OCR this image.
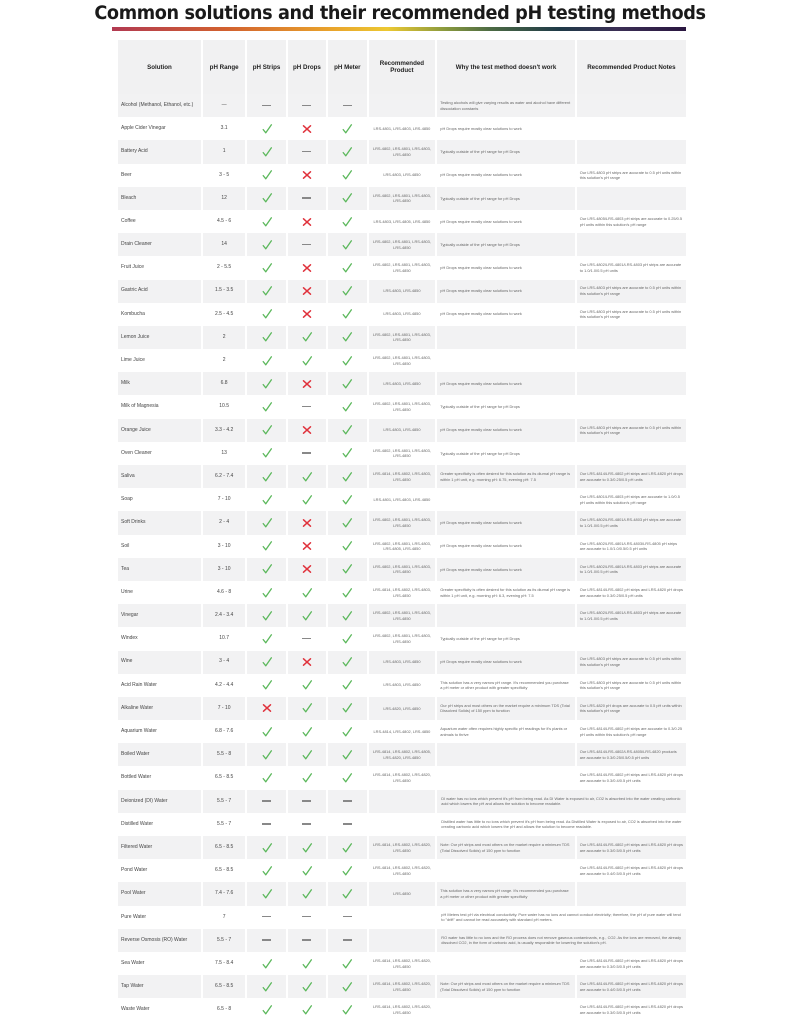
Common solutions and their recommended pH testing methods
Solution	pH Range	pH Strips	pH Drops	pH Meter	Recommended Product	Why the test method doesn't work	Recommended Product Notes
Alcohol (Methanol, Ethanol, etc.)	—					Testing alcohols will give varying results as water and alcohol have different dissociation constants	
Apple Cider Vinegar	3.1				LRS-4801, LRS-4803, LRS-4850	pH Drops require mostly clear solutions to work	
Battery Acid	1				LRS-4802, LRS-4801, LRS-4803, LRS-4850	Typically outside of the pH range for pH Drops	
Beer	3 - 5				LRS-4803, LRS-4850	pH Drops require mostly clear solutions to work	Our LRS-4803 pH strips are accurate to 0.5 pH units within this solution's pH range
Bleach	12				LRS-4802, LRS-4801, LRS-4803, LRS-4850	Typically outside of the pH range for pH Drops	
Coffee	4.5 - 6				LRS-4803, LRS-4805, LRS-4850	pH Drops require mostly clear solutions to work	Our LRS-4805/LRS-4803 pH strips are accurate to 0.25/0.5 pH units within this solution's pH range
Drain Cleaner	14				LRS-4802, LRS-4801, LRS-4803, LRS-4850	Typically outside of the pH range for pH Drops	
Fruit Juice	2 - 5.5				LRS-4802, LRS-4801, LRS-4803, LRS-4850	pH Drops require mostly clear solutions to work	Our LRS-4802/LRS-4801/LRS-4803 pH strips are accurate to 1.0/1.0/0.5 pH units
Gastric Acid	1.5 - 3.5				LRS-4803, LRS-4850	pH Drops require mostly clear solutions to work	Our LRS-4803 pH strips are accurate to 0.5 pH units within this solution's pH range
Kombucha	2.5 - 4.5				LRS-4803, LRS-4850	pH Drops require mostly clear solutions to work	Our LRS-4803 pH strips are accurate to 0.5 pH units within this solution's pH range
Lemon Juice	2				LRS-4802, LRS-4801, LRS-4803, LRS-4850		
Lime Juice	2				LRS-4802, LRS-4801, LRS-4803, LRS-4850		
Milk	6.8				LRS-4803, LRS-4850	pH Drops require mostly clear solutions to work	
Milk of Magnesia	10.5				LRS-4802, LRS-4801, LRS-4803, LRS-4850	Typically outside of the pH range for pH Drops	
Orange Juice	3.3 - 4.2				LRS-4803, LRS-4850	pH Drops require mostly clear solutions to work	Our LRS-4803 pH strips are accurate to 0.5 pH units within this solution's pH range
Oven Cleaner	13				LRS-4802, LRS-4801, LRS-4803, LRS-4850	Typically outside of the pH range for pH Drops	
Saliva	6.2 - 7.4				LRS-4814, LRS-4802, LRS-4803, LRS-4850	Greater specificity is often desired for this solution as its diurnal pH range is within 1 pH unit, e.g. morning pH: 6.75, evening pH: 7.5	Our LRS-4814/LRS-4802 pH strips and LRS-4820 pH drops are accurate to 0.3/0.25/0.5 pH units
Soap	7 - 10				LRS-4801, LRS-4803, LRS-4850		Our LRS-4801/LRS-4803 pH strips are accurate to 1.0/0.5 pH units within this solution's pH range
Soft Drinks	2 - 4				LRS-4802, LRS-4801, LRS-4803, LRS-4850	pH Drops require mostly clear solutions to work	Our LRS-4802/LRS-4801/LRS-4803 pH strips are accurate to 1.0/1.0/0.5 pH units
Soil	3 - 10				LRS-4802, LRS-4801, LRS-4803, LRS-4805, LRS-4850	pH Drops require mostly clear solutions to work	Our LRS-4802/LRS-4801/LRS-4803/LRS-4805 pH strips are accurate to 1.0/1.0/0.5/0.5 pH units
Tea	3 - 10				LRS-4802, LRS-4801, LRS-4803, LRS-4850	pH Drops require mostly clear solutions to work	Our LRS-4802/LRS-4801/LRS-4803 pH strips are accurate to 1.0/1.0/0.5 pH units
Urine	4.6 - 8				LRS-4814, LRS-4802, LRS-4803, LRS-4850	Greater specificity is often desired for this solution as its diurnal pH range is within 1 pH unit, e.g. morning pH: 6.3, evening pH: 7.5	Our LRS-4814/LRS-4802 pH strips and LRS-4820 pH drops are accurate to 0.3/0.25/0.5 pH units
Vinegar	2.4 - 3.4				LRS-4802, LRS-4801, LRS-4803, LRS-4850		Our LRS-4802/LRS-4801/LRS-4803 pH strips are accurate to 1.0/1.0/0.5 pH units
Windex	10.7				LRS-4802, LRS-4801, LRS-4803, LRS-4850	Typically outside of the pH range for pH Drops	
Wine	3 - 4				LRS-4803, LRS-4850	pH Drops require mostly clear solutions to work	Our LRS-4803 pH strips are accurate to 0.5 pH units within this solution's pH range
Acid Rain Water	4.2 - 4.4				LRS-4803, LRS-4850	This solution has a very narrow pH range. It's recommended you purchase a pH meter or other product with greater specificity	Our LRS-4803 pH strips are accurate to 0.5 pH units within this solution's pH range
Alkaline Water	7 - 10				LRS-4820, LRS-4850	Our pH strips and most others on the market require a minimum TDS (Total Dissolved Solids) of 150 ppm to function	Our LRS-4820 pH drops are accurate to 0.5 pH units within this solution's pH range
Aquarium Water	6.8 - 7.6				LRS-4814, LRS-4802, LRS-4850	Aquarium water often requires highly specific pH readings for it's plants or animals to thrive	Our LRS-4814/LRS-4802 pH strips are accurate to 0.3/0.25 pH units within this solution's pH range
Boiled Water	5.5 - 8				LRS-4814, LRS-4802, LRS-4805, LRS-4820, LRS-4850		Our LRS-4814/LRS-4802/LRS-4805/LRS-4820 products are accurate to 0.3/0.25/0.5/0.5 pH units
Bottled Water	6.5 - 8.5				LRS-4814, LRS-4802, LRS-4820, LRS-4850		Our LRS-4814/LRS-4802 pH strips and LRS-4820 pH drops are accurate to 0.3/0.4/0.5 pH units
Deionized (DI) Water	5.5 - 7					DI water has no ions which prevent it's pH from being read. As DI Water is exposed to air, CO2 is absorbed into the water creating carbonic acid which lowers the pH and allows the solution to become readable.	
Distilled Water	5.5 - 7					Distilled water has little to no ions which prevent it's pH from being read. As Distilled Water is exposed to air, CO2 is absorbed into the water creating carbonic acid which lowers the pH and allows the solution to become readable.	
Filtered Water	6.5 - 8.5				LRS-4814, LRS-4802, LRS-4820, LRS-4850	Note: Our pH strips and most others on the market require a minimum TDS (Total Dissolved Solids) of 150 ppm to function	Our LRS-4814/LRS-4802 pH strips and LRS-4820 pH drops are accurate to 0.3/0.5/0.5 pH units
Pond Water	6.5 - 8.5				LRS-4814, LRS-4802, LRS-4820, LRS-4850		Our LRS-4814/LRS-4802 pH strips and LRS-4820 pH drops are accurate to 0.4/0.5/0.5 pH units
Pool Water	7.4 - 7.6				LRS-4850	This solution has a very narrow pH range. It's recommended you purchase a pH meter or other product with greater specificity	
Pure Water	7					pH Meters test pH via electrical conductivity. Pure water has no ions and cannot conduct electricity; therefore, the pH of pure water will tend to "drift" and cannot be read accurately with standard pH meters.	
Reverse Osmosis (RO) Water	5.5 - 7					RO water has little to no ions and the RO process does not remove gaseous contaminants, e.g., CO2. As the ions are removed, the already dissolved CO2, in the form of carbonic acid, is usually responsible for lowering the solution's pH.	
Sea Water	7.5 - 8.4				LRS-4814, LRS-4802, LRS-4820, LRS-4850		Our LRS-4814/LRS-4802 pH strips and LRS-4820 pH drops are accurate to 0.3/0.5/0.5 pH units
Tap Water	6.5 - 8.5				LRS-4814, LRS-4802, LRS-4820, LRS-4850	Note: Our pH strips and most others on the market require a minimum TDS (Total Dissolved Solids) of 150 ppm to function	Our LRS-4814/LRS-4802 pH strips and LRS-4820 pH drops are accurate to 0.4/0.5/0.5 pH units
Waste Water	6.5 - 8				LRS-4814, LRS-4802, LRS-4820, LRS-4850		Our LRS-4814/LRS-4802 pH strips and LRS-4820 pH drops are accurate to 0.3/0.5/0.5 pH units
